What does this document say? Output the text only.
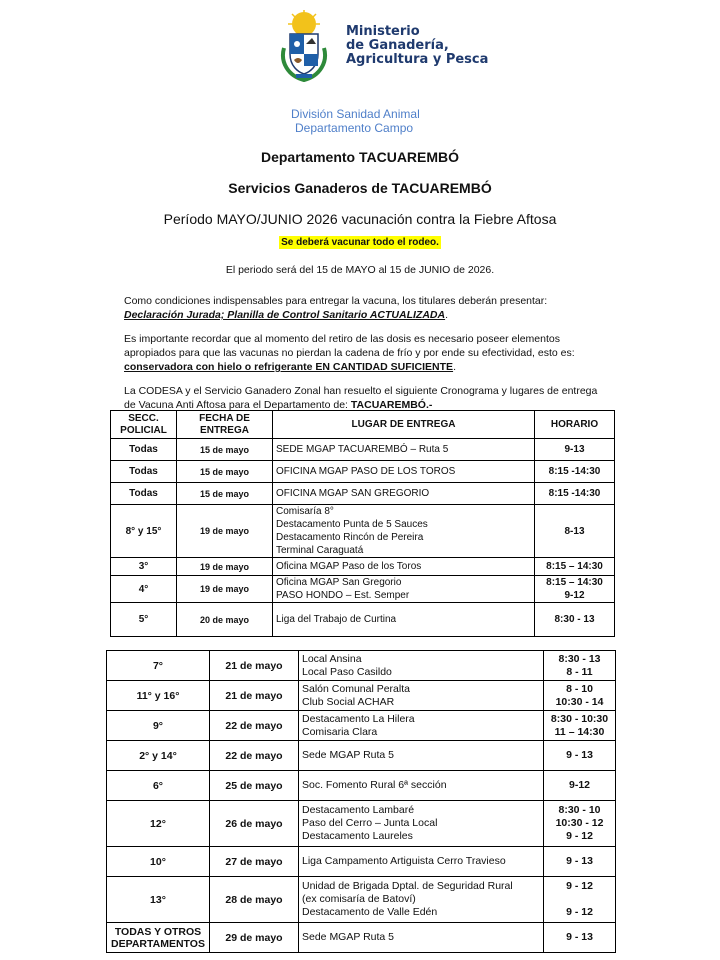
Ministerio
de Ganadería,
Agricultura y Pesca
División Sanidad Animal
Departamento Campo
Departamento TACUAREMBÓ
Servicios Ganaderos de TACUAREMBÓ
Período MAYO/JUNIO 2026 vacunación contra la Fiebre Aftosa
Se deberá vacunar todo el rodeo.
El periodo será del 15 de MAYO al 15 de JUNIO de 2026.
Como condiciones indispensables para entregar la vacuna, los titulares deberán presentar:
Declaración Jurada; Planilla de Control Sanitario ACTUALIZADA.
Es importante recordar que al momento del retiro de las dosis es necesario poseer elementos apropiados para que las vacunas no pierdan la cadena de frío y por ende su efectividad, esto es: conservadora con hielo o refrigerante EN CANTIDAD SUFICIENTE.
La CODESA y el Servicio Ganadero Zonal han resuelto el siguiente Cronograma y lugares de entrega de Vacuna Anti Aftosa para el Departamento de: TACUAREMBÓ.-
SECC. POLICIAL	FECHA DE ENTREGA	LUGAR DE ENTREGA	HORARIO
Todas	15 de mayo	SEDE MGAP TACUAREMBÓ – Ruta 5	9-13

Todas	15 de mayo	OFICINA MGAP PASO DE LOS TOROS	8:15 -14:30

Todas	15 de mayo	OFICINA MGAP SAN GREGORIO	8:15 -14:30

8° y 15°	19 de mayo	Comisaría 8°
Destacamento Punta de 5 Sauces
Destacamento Rincón de Pereira
Terminal Caraguatá	8-13

3°	19 de mayo	Oficina MGAP Paso de los Toros	8:15 – 14:30

4°	19 de mayo	Oficina MGAP San Gregorio
PASO HONDO – Est. Semper	8:15 – 14:30
9-12

5°	20 de mayo	Liga del Trabajo de Curtina	8:30 - 13
7°	21 de mayo	Local Ansina
Local Paso Casildo	8:30 - 13
8 - 11

11° y 16°	21 de mayo	Salón Comunal Peralta
Club Social ACHAR	8 - 10
10:30 - 14

9°	22 de mayo	Destacamento La Hilera
Comisaria Clara	8:30 - 10:30
11 – 14:30

2° y 14°	22 de mayo	Sede MGAP Ruta 5	9 - 13

6°	25 de mayo	Soc. Fomento Rural 6ª sección	9-12

12°	26 de mayo	Destacamento Lambaré
Paso del Cerro – Junta Local
Destacamento Laureles	8:30 - 10
10:30 - 12
9 - 12

10°	27 de mayo	Liga Campamento Artiguista Cerro Travieso	9 - 13

13°	28 de mayo	Unidad de Brigada Dptal. de Seguridad Rural
(ex comisaría de Batoví)
Destacamento de Valle Edén	9 - 12

9 - 12

TODAS Y OTROS DEPARTAMENTOS	29 de mayo	Sede MGAP Ruta 5	9 - 13
